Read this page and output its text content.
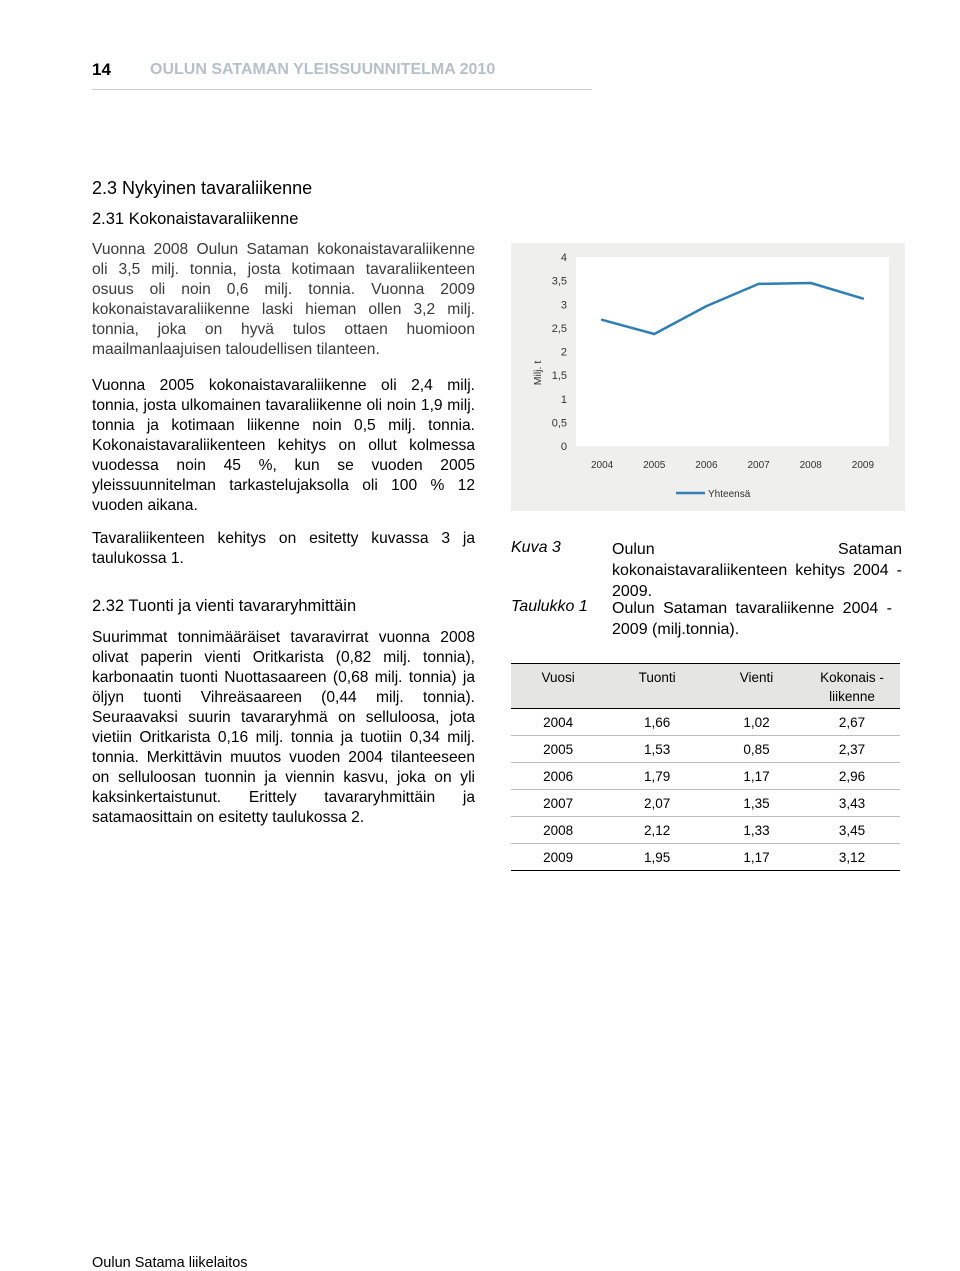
14 OULUN SATAMAN YLEISSUUNNITELMA 2010
2.3 Nykyinen tavaraliikenne
2.31 Kokonaistavaraliikenne

Vuonna 2008 Oulun Sataman kokonaistavaraliikenne oli 3,5 milj. tonnia, josta kotimaan tavaraliikenteen osuus oli noin 0,6 milj. tonnia. Vuonna 2009 kokonaistavaraliikenne laski hieman ollen 3,2 milj. tonnia, joka on hyvä tulos ottaen huomioon maailmanlaajuisen taloudellisen tilanteen.

Vuonna 2005 kokonaistavaraliikenne oli 2,4 milj. tonnia, josta ulkomainen tavaraliikenne oli noin 1,9 milj. tonnia ja kotimaan liikenne noin 0,5 milj. tonnia. Kokonaistavaraliikenteen kehitys on ollut kolmessa vuodessa noin 45 %, kun se vuoden 2005 yleissuunnitelman tarkastelujaksolla oli 100 % 12 vuoden aikana.

Tavaraliikenteen kehitys on esitetty kuvassa 3 ja taulukossa 1.

2.32 Tuonti ja vienti tavararyhmittäin

Suurimmat tonnimääräiset tavaravirrat vuonna 2008 olivat paperin vienti Oritkarista (0,82 milj. tonnia), karbonaatin tuonti Nuottasaareen (0,68 milj. tonnia) ja öljyn tuonti Vihreäsaareen (0,44 milj. tonnia). Seuraavaksi suurin tavararyhmä on selluloosa, jota vietiin Oritkarista 0,16 milj. tonnia ja tuotiin 0,34 milj. tonnia. Merkittävin muutos vuoden 2004 tilanteeseen on selluloosan tuonnin ja viennin kasvu, joka on yli kaksinkertaistunut. Erittely tavararyhmittäin ja satamaosittain on esitetty taulukossa 2.

0
0,5
1
1,5
2
2,5
3
3,5
4
Milj. t
2004	2005	2006	2007	2008	2009
Yhteensä
Kuva 3	Oulun Sataman kokonaistavaraliikenteen kehitys 2004 - 2009.
Taulukko 1 Oulun Sataman tavaraliikenne 2004 - 2009 (milj.tonnia).
Vuosi	Tuonti	Vienti	Kokonais -liikenne
2004	1,66	1,02	2,67
2005	1,53	0,85	2,37
2006	1,79	1,17	2,96
2007	2,07	1,35	3,43
2008	2,12	1,33	3,45
2009	1,95	1,17	3,12
Oulun Satama liikelaitos
